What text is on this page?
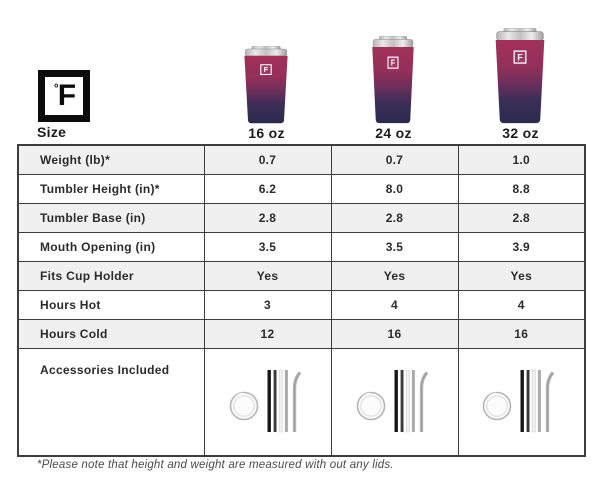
° F
Size
F
F
F
16 oz	24 oz	32 oz
Weight (lb)*	0.7	0.7	1.0
Tumbler Height (in)*	6.2	8.0	8.8
Tumbler Base (in)	2.8	2.8	2.8
Mouth Opening (in)	3.5	3.5	3.9
Fits Cup Holder	Yes	Yes	Yes
Hours Hot	3	4	4
Hours Cold	12	16	16
Accessories Included			
*Please note that height and weight are measured with out any lids.
